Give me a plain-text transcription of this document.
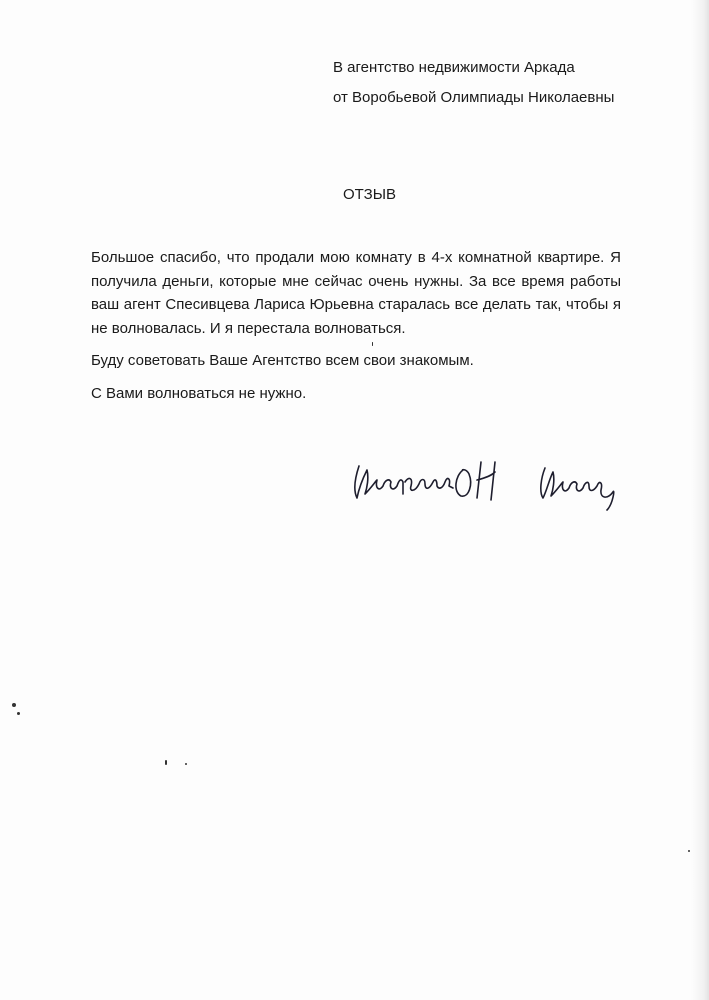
В агентство недвижимости Аркада
от Воробьевой Олимпиады Николаевны
ОТЗЫВ

Большое спасибо, что продали мою комнату в 4-х комнатной квартире. Я получила деньги, которые мне сейчас очень нужны. За все время работы ваш агент Спесивцева Лариса Юрьевна старалась все делать так, чтобы я не волновалась. И я перестала волноваться.

Буду советовать Ваше Агентство всем свои знакомым.

С Вами волноваться не нужно.
